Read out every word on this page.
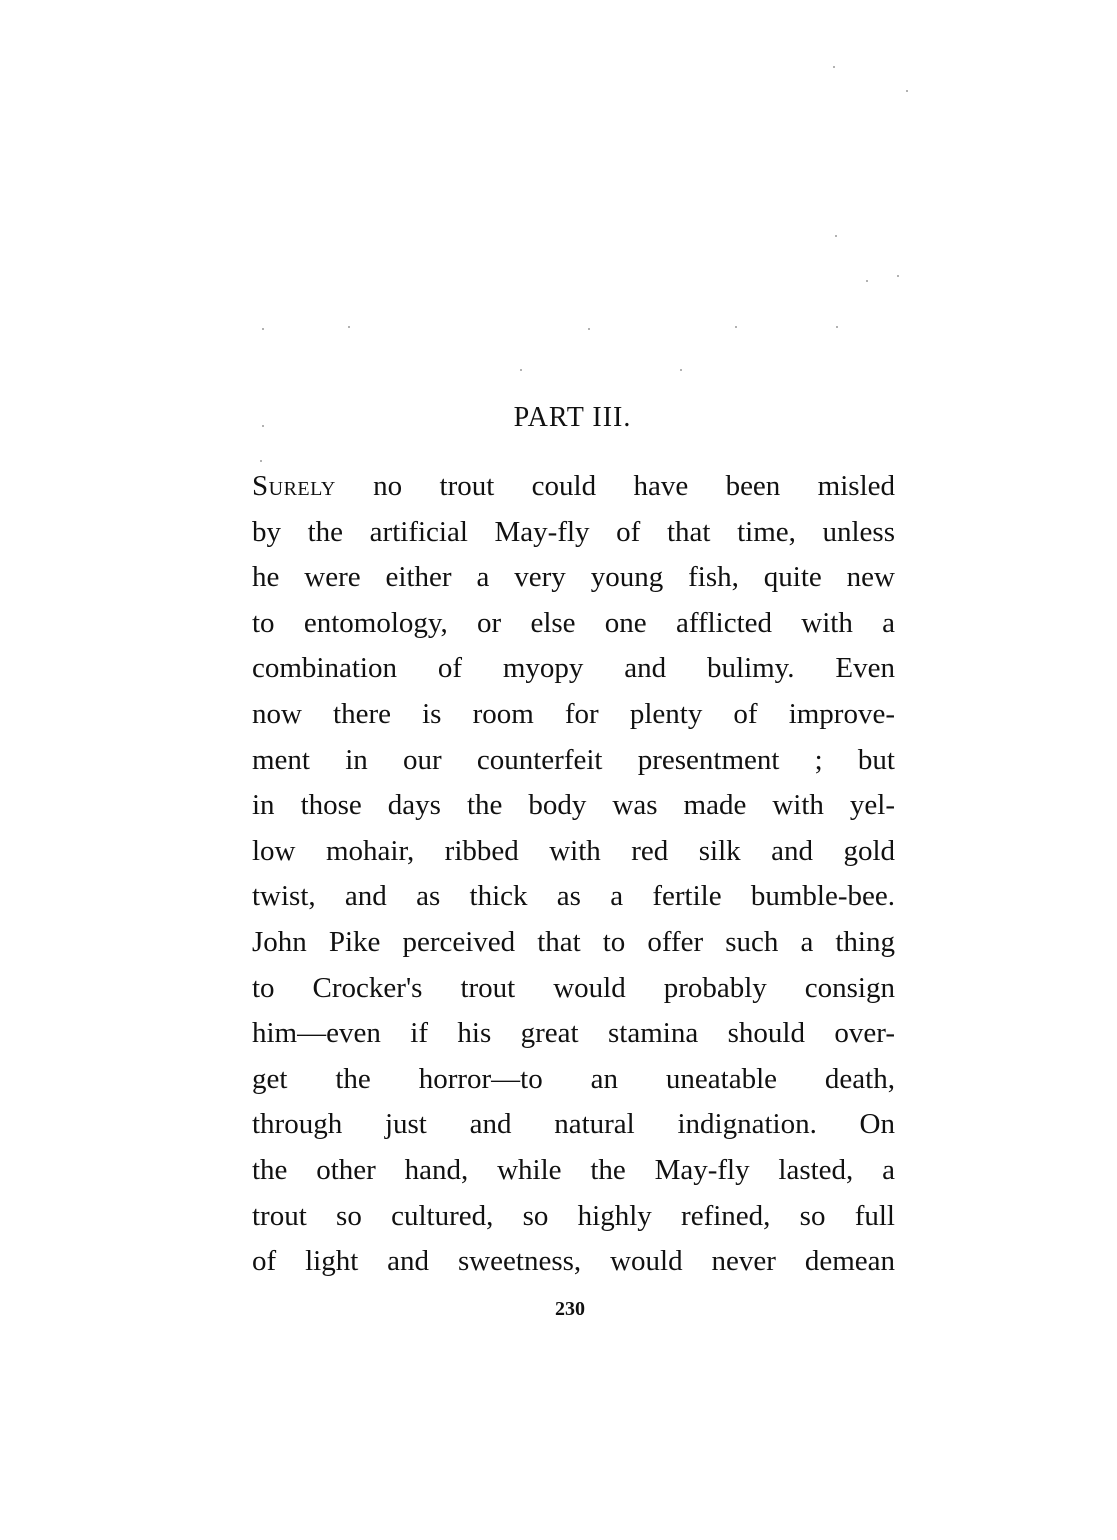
PART III.
Surely no trout could have been misled
by the artificial May-fly of that time, unless
he were either a very young fish, quite new
to entomology, or else one afflicted with a
combination of myopy and bulimy. Even
now there is room for plenty of improve-
ment in our counterfeit presentment ; but
in those days the body was made with yel-
low mohair, ribbed with red silk and gold
twist, and as thick as a fertile bumble-bee.
John Pike perceived that to offer such a thing
to Crocker's trout would probably consign
him—even if his great stamina should over-
get the horror—to an uneatable death,
through just and natural indignation. On
the other hand, while the May-fly lasted, a
trout so cultured, so highly refined, so full
of light and sweetness, would never demean
230
